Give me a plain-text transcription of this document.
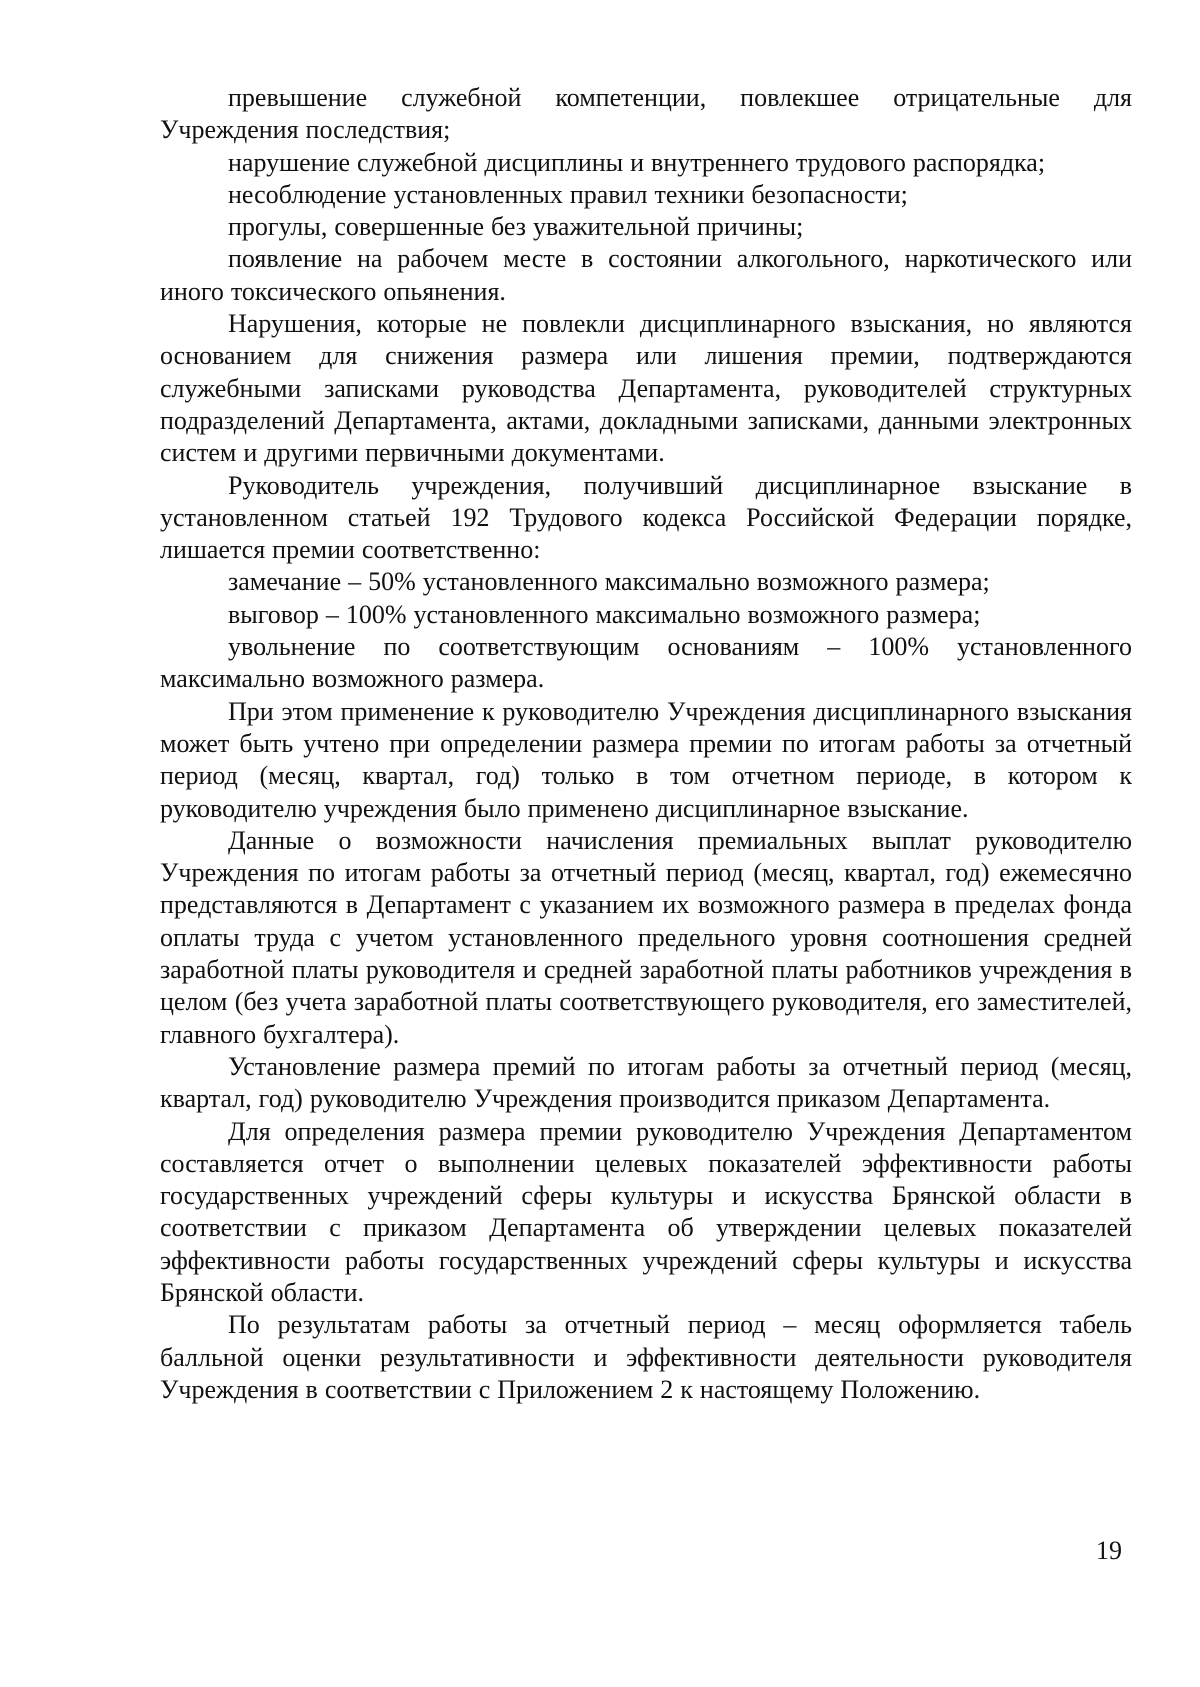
превышение служебной компетенции, повлекшее отрицательные для Учреждения последствия;

нарушение служебной дисциплины и внутреннего трудового распорядка;

несоблюдение установленных правил техники безопасности;

прогулы, совершенные без уважительной причины;

появление на рабочем месте в состоянии алкогольного, наркотического или иного токсического опьянения.

Нарушения, которые не повлекли дисциплинарного взыскания, но являются основанием для снижения размера или лишения премии, подтверждаются служебными записками руководства Департамента, руководителей структурных подразделений Департамента, актами, докладными записками, данными электронных систем и другими первичными документами.

Руководитель учреждения, получивший дисциплинарное взыскание в установленном статьей 192 Трудового кодекса Российской Федерации порядке, лишается премии соответственно:

замечание – 50% установленного максимально возможного размера;

выговор – 100% установленного максимально возможного размера;

увольнение по соответствующим основаниям – 100% установленного максимально возможного размера.

При этом применение к руководителю Учреждения дисциплинарного взыскания может быть учтено при определении размера премии по итогам работы за отчетный период (месяц, квартал, год) только в том отчетном периоде, в котором к руководителю учреждения было применено дисциплинарное взыскание.

Данные о возможности начисления премиальных выплат руководителю Учреждения по итогам работы за отчетный период (месяц, квартал, год) ежемесячно представляются в Департамент с указанием их возможного размера в пределах фонда оплаты труда с учетом установленного предельного уровня соотношения средней заработной платы руководителя и средней заработной платы работников учреждения в целом (без учета заработной платы соответствующего руководителя, его заместителей, главного бухгалтера).

Установление размера премий по итогам работы за отчетный период (месяц, квартал, год) руководителю Учреждения производится приказом Департамента.

Для определения размера премии руководителю Учреждения Департаментом составляется отчет о выполнении целевых показателей эффективности работы государственных учреждений сферы культуры и искусства Брянской области в соответствии с приказом Департамента об утверждении целевых показателей эффективности работы государственных учреждений сферы культуры и искусства Брянской области.

По результатам работы за отчетный период – месяц оформляется табель балльной оценки результативности и эффективности деятельности руководителя Учреждения в соответствии с Приложением 2 к настоящему Положению.

19
